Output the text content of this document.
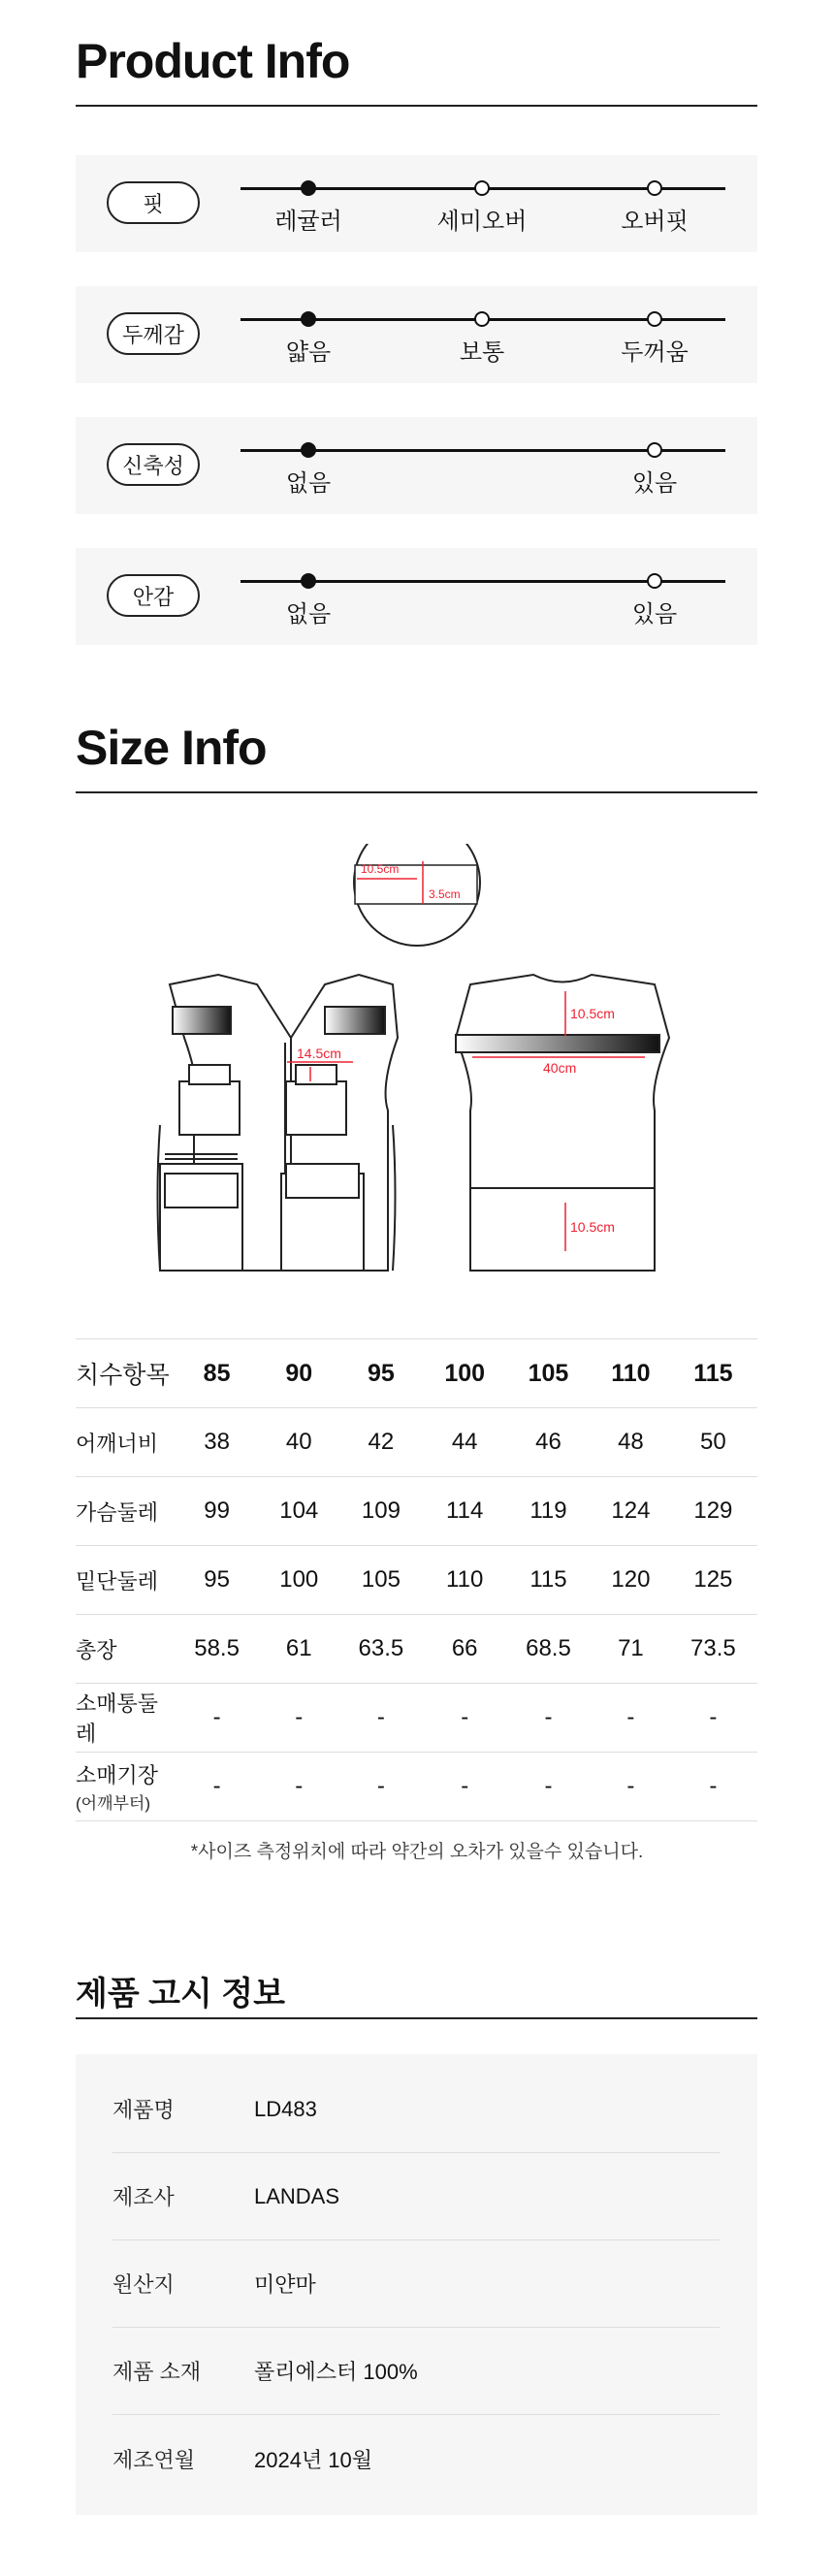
Product Info
핏
레귤러	세미오버	오버핏
두께감
얇음	보통	두꺼움
신축성
없음	있음
안감
없음	있음
Size Info
10.5cm
3.5cm
14.5cm
10.5cm
40cm
10.5cm
치수항목	85	90	95	100	105	110	115
어깨너비	38	40	42	44	46	48	50
가슴둘레	99	104	109	114	119	124	129
밑단둘레	95	100	105	110	115	120	125
총장	58.5	61	63.5	66	68.5	71	73.5
소매통둘레	-	-	-	-	-	-	-
소매기장
(어깨부터)	-	-	-	-	-	-	-
*사이즈 측정위치에 따라 약간의 오차가 있을수 있습니다.
제품 고시 정보
제품명	LD483
제조사	LANDAS
원산지	미얀마
제품 소재	폴리에스터 100%
제조연월	2024년 10월
